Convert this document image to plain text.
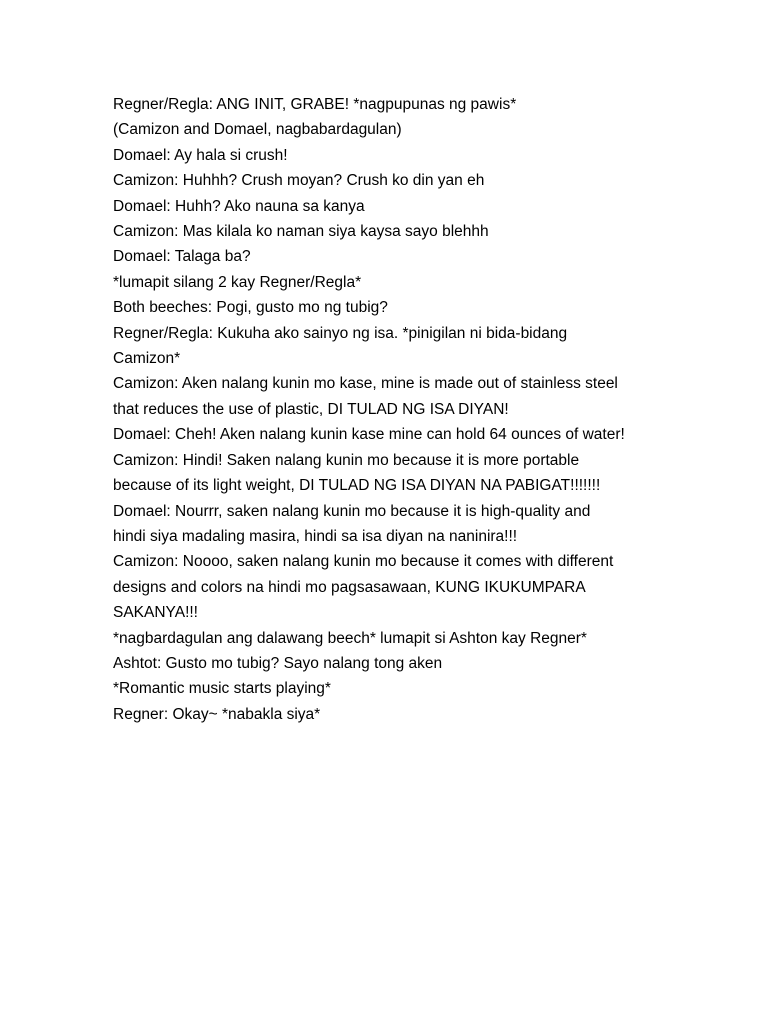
Regner/Regla: ANG INIT, GRABE! *nagpupunas ng pawis*
(Camizon and Domael, nagbabardagulan)
Domael: Ay hala si crush!
Camizon: Huhhh? Crush moyan? Crush ko din yan eh
Domael: Huhh? Ako nauna sa kanya
Camizon: Mas kilala ko naman siya kaysa sayo blehhh
Domael: Talaga ba?
*lumapit silang 2 kay Regner/Regla*
Both beeches: Pogi, gusto mo ng tubig?
Regner/Regla: Kukuha ako sainyo ng isa. *pinigilan ni bida-bidang
Camizon*
Camizon: Aken nalang kunin mo kase, mine is made out of stainless steel
that reduces the use of plastic, DI TULAD NG ISA DIYAN!
Domael: Cheh! Aken nalang kunin kase mine can hold 64 ounces of water!
Camizon: Hindi! Saken nalang kunin mo because it is more portable
because of its light weight, DI TULAD NG ISA DIYAN NA PABIGAT!!!!!!!
Domael: Nourrr, saken nalang kunin mo because it is high-quality and
hindi siya madaling masira, hindi sa isa diyan na naninira!!!
Camizon: Noooo, saken nalang kunin mo because it comes with different
designs and colors na hindi mo pagsasawaan, KUNG IKUKUMPARA
SAKANYA!!!
*nagbardagulan ang dalawang beech* lumapit si Ashton kay Regner*
Ashtot: Gusto mo tubig? Sayo nalang tong aken
*Romantic music starts playing*
Regner: Okay~ *nabakla siya*
